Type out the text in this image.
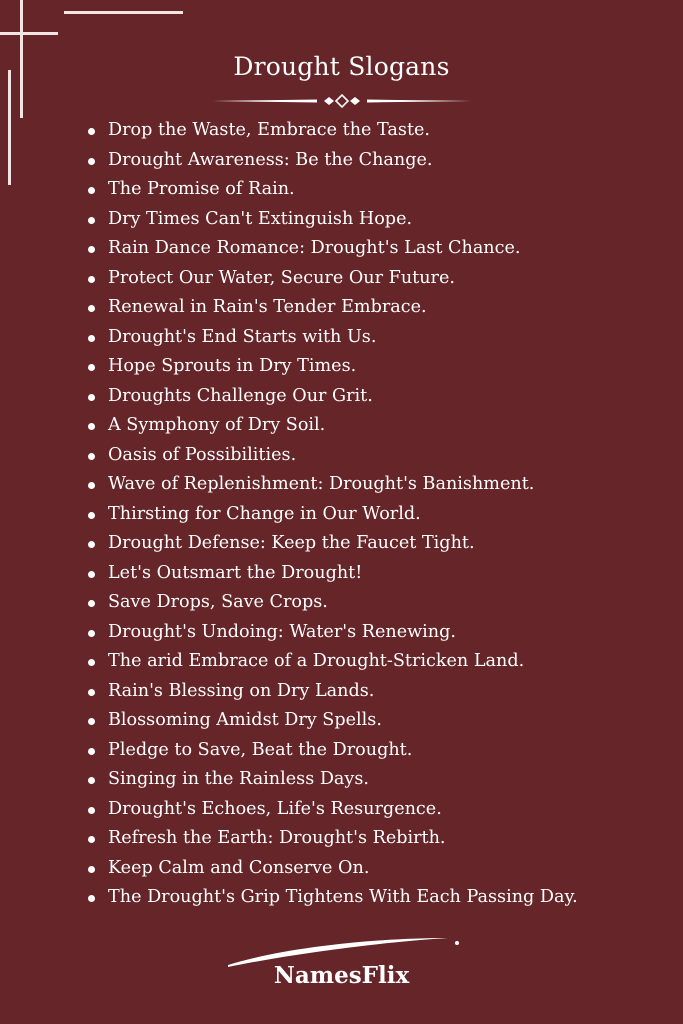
Drought Slogans
Drop the Waste, Embrace the Taste.
Drought Awareness: Be the Change.
The Promise of Rain.
Dry Times Can't Extinguish Hope.
Rain Dance Romance: Drought's Last Chance.
Protect Our Water, Secure Our Future.
Renewal in Rain's Tender Embrace.
Drought's End Starts with Us.
Hope Sprouts in Dry Times.
Droughts Challenge Our Grit.
A Symphony of Dry Soil.
Oasis of Possibilities.
Wave of Replenishment: Drought's Banishment.
Thirsting for Change in Our World.
Drought Defense: Keep the Faucet Tight.
Let's Outsmart the Drought!
Save Drops, Save Crops.
Drought's Undoing: Water's Renewing.
The arid Embrace of a Drought-Stricken Land.
Rain's Blessing on Dry Lands.
Blossoming Amidst Dry Spells.
Pledge to Save, Beat the Drought.
Singing in the Rainless Days.
Drought's Echoes, Life's Resurgence.
Refresh the Earth: Drought's Rebirth.
Keep Calm and Conserve On.
The Drought's Grip Tightens With Each Passing Day.
NamesFlix
